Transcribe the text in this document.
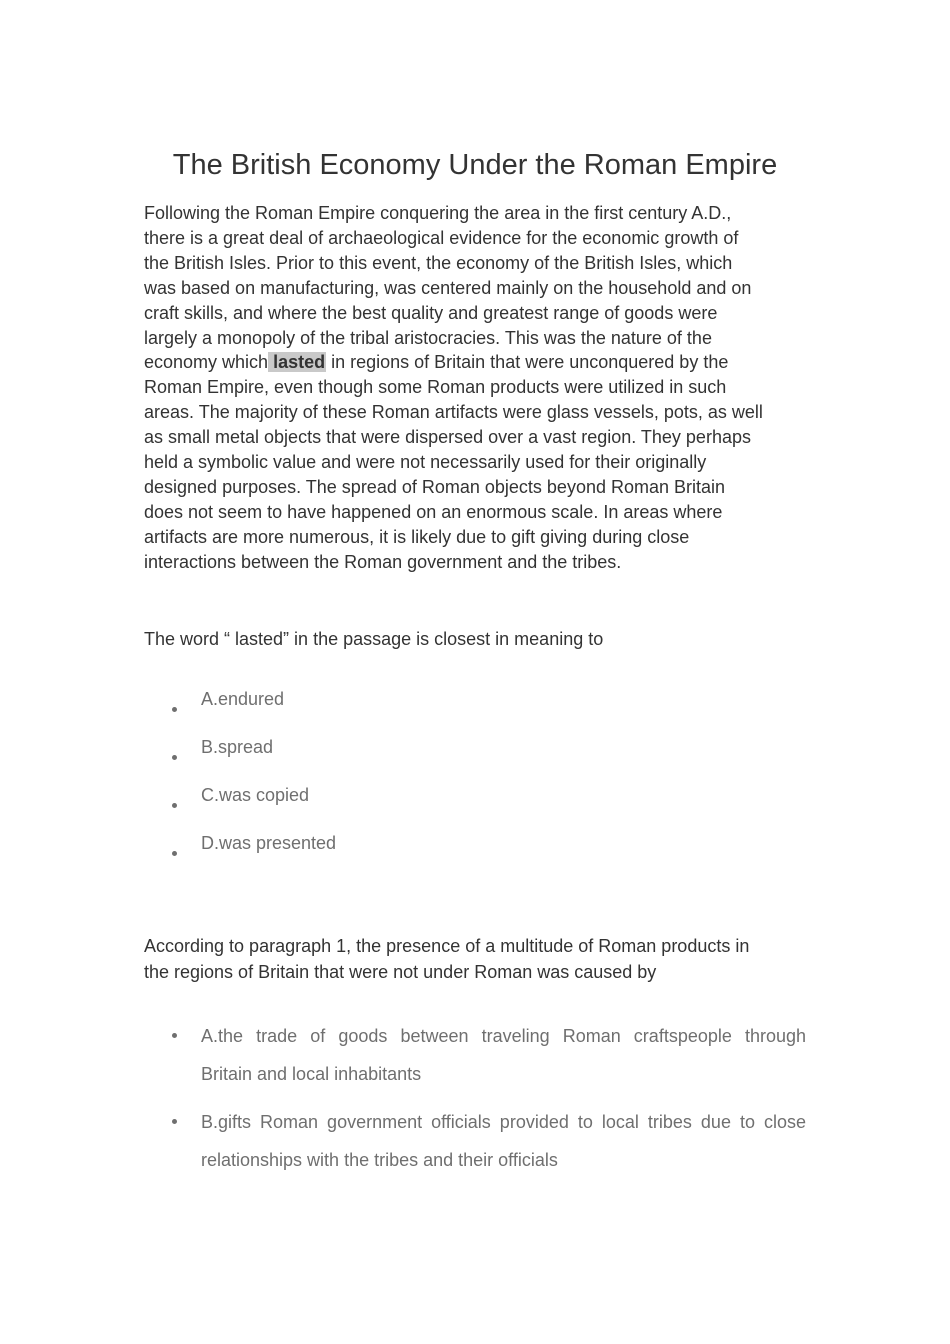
The British Economy Under the Roman Empire
Following the Roman Empire conquering the area in the first century A.D.,
there is a great deal of archaeological evidence for the economic growth of
the British Isles. Prior to this event, the economy of the British Isles, which
was based on manufacturing, was centered mainly on the household and on
craft skills, and where the best quality and greatest range of goods were
largely a monopoly of the tribal aristocracies. This was the nature of the
economy which lasted in regions of Britain that were unconquered by the
Roman Empire, even though some Roman products were utilized in such
areas. The majority of these Roman artifacts were glass vessels, pots, as well
as small metal objects that were dispersed over a vast region. They perhaps
held a symbolic value and were not necessarily used for their originally
designed purposes. The spread of Roman objects beyond Roman Britain
does not seem to have happened on an enormous scale. In areas where
artifacts are more numerous, it is likely due to gift giving during close
interactions between the Roman government and the tribes.

The word “ lasted” in the passage is closest in meaning to

A.endured
B.spread
C.was copied
D.was presented

According to paragraph 1, the presence of a multitude of Roman products in
the regions of Britain that were not under Roman was caused by

A.the trade of goods between traveling Roman craftspeople through
Britain and local inhabitants
B.gifts Roman government officials provided to local tribes due to close
relationships with the tribes and their officials
